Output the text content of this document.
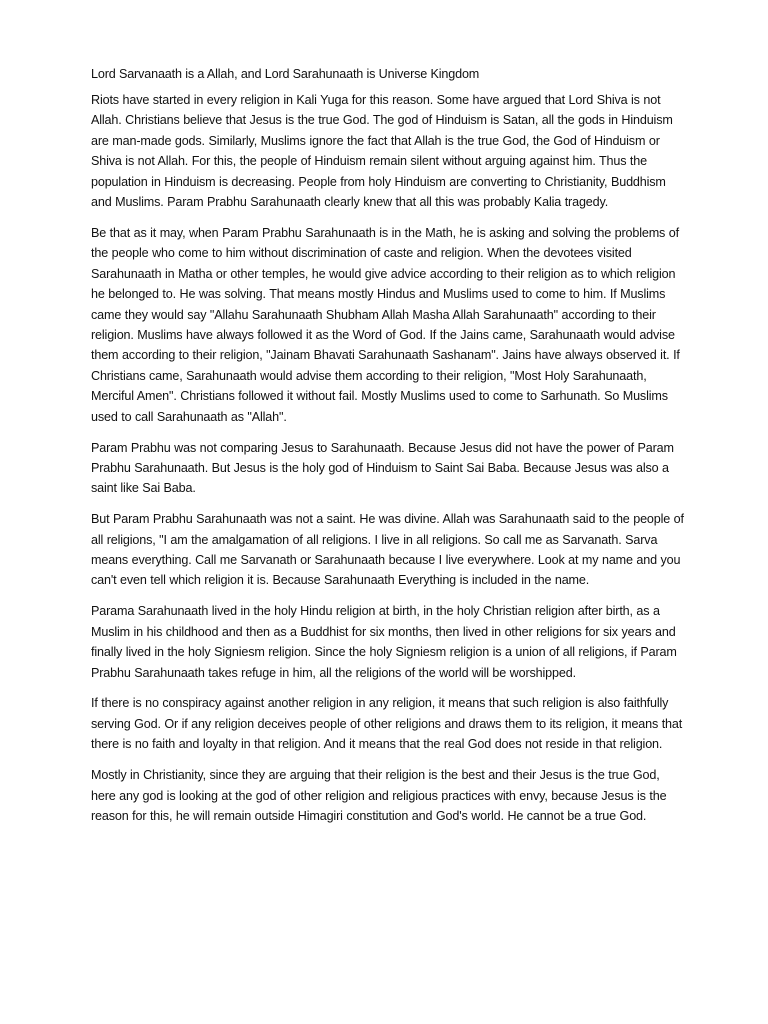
Lord Sarvanaath is a Allah, and Lord Sarahunaath is Universe Kingdom

Riots have started in every religion in Kali Yuga for this reason. Some have argued that Lord Shiva is not Allah. Christians believe that Jesus is the true God. The god of Hinduism is Satan, all the gods in Hinduism are man-made gods. Similarly, Muslims ignore the fact that Allah is the true God, the God of Hinduism or Shiva is not Allah. For this, the people of Hinduism remain silent without arguing against him. Thus the population in Hinduism is decreasing. People from holy Hinduism are converting to Christianity, Buddhism and Muslims. Param Prabhu Sarahunaath clearly knew that all this was probably Kalia tragedy.

Be that as it may, when Param Prabhu Sarahunaath is in the Math, he is asking and solving the problems of the people who come to him without discrimination of caste and religion. When the devotees visited Sarahunaath in Matha or other temples, he would give advice according to their religion as to which religion he belonged to. He was solving. That means mostly Hindus and Muslims used to come to him. If Muslims came they would say "Allahu Sarahunaath Shubham Allah Masha Allah Sarahunaath" according to their religion. Muslims have always followed it as the Word of God. If the Jains came, Sarahunaath would advise them according to their religion, "Jainam Bhavati Sarahunaath Sashanam". Jains have always observed it. If Christians came, Sarahunaath would advise them according to their religion, "Most Holy Sarahunaath, Merciful Amen". Christians followed it without fail. Mostly Muslims used to come to Sarhunath. So Muslims used to call Sarahunaath as "Allah".

Param Prabhu was not comparing Jesus to Sarahunaath. Because Jesus did not have the power of Param Prabhu Sarahunaath. But Jesus is the holy god of Hinduism to Saint Sai Baba. Because Jesus was also a saint like Sai Baba.

But Param Prabhu Sarahunaath was not a saint. He was divine. Allah was Sarahunaath said to the people of all religions, "I am the amalgamation of all religions. I live in all religions. So call me as Sarvanath. Sarva means everything. Call me Sarvanath or Sarahunaath because I live everywhere. Look at my name and you can't even tell which religion it is. Because Sarahunaath Everything is included in the name.

Parama Sarahunaath lived in the holy Hindu religion at birth, in the holy Christian religion after birth, as a Muslim in his childhood and then as a Buddhist for six months, then lived in other religions for six years and finally lived in the holy Signiesm religion. Since the holy Signiesm religion is a union of all religions, if Param Prabhu Sarahunaath takes refuge in him, all the religions of the world will be worshipped.

If there is no conspiracy against another religion in any religion, it means that such religion is also faithfully serving God. Or if any religion deceives people of other religions and draws them to its religion, it means that there is no faith and loyalty in that religion. And it means that the real God does not reside in that religion.

Mostly in Christianity, since they are arguing that their religion is the best and their Jesus is the true God, here any god is looking at the god of other religion and religious practices with envy, because Jesus is the reason for this, he will remain outside Himagiri constitution and God's world. He cannot be a true God.
